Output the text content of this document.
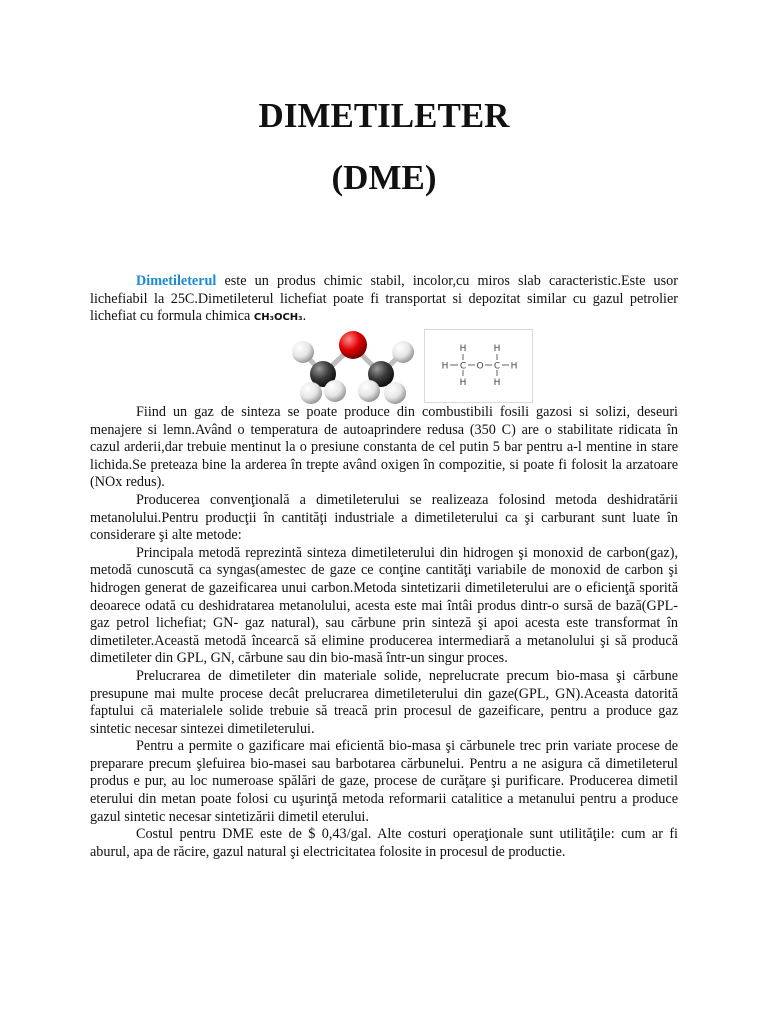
DIMETILETER
(DME)

Dimetileterul este un produs chimic stabil, incolor,cu miros slab caracteristic.Este usor lichefiabil la 25C.Dimetileterul lichefiat poate fi transportat si depozitat similar cu gazul petrolier lichefiat cu formula chimica CH₃OCH₃.

H C O C H
H
H
H
H

Fiind un gaz de sinteza se poate produce din combustibili fosili gazosi si solizi, deseuri menajere si lemn.Având o temperatura de autoaprindere redusa (350 C) are o stabilitate ridicata în cazul arderii,dar trebuie mentinut la o presiune constanta de cel putin 5 bar pentru a-l mentine in stare lichida.Se preteaza bine la arderea în trepte având oxigen în compozitie, si poate fi folosit la arzatoare (NOx redus).

Producerea convenţională a dimetileterului se realizeaza folosind metoda deshidratării metanolului.Pentru producţii în cantităţi industriale a dimetileterului ca şi carburant sunt luate în considerare şi alte metode:

Principala metodă reprezintă sinteza dimetileterului din hidrogen şi monoxid de carbon(gaz), metodă cunoscută ca syngas(amestec de gaze ce conţine cantităţi variabile de monoxid de carbon şi hidrogen generat de gazeificarea unui carbon.Metoda sintetizarii dimetileterului are o eficienţă sporită deoarece odată cu deshidratarea metanolului, acesta este mai întâi produs dintr-o sursă de bază(GPL- gaz petrol lichefiat; GN- gaz natural), sau cărbune prin sinteză şi apoi acesta este transformat în dimetileter.Această metodă încearcă să elimine producerea intermediară a metanolului şi să producă dimetileter din GPL, GN, cărbune sau din bio-masă într-un singur proces.

Prelucrarea de dimetileter din materiale solide, neprelucrate precum bio-masa şi cărbune presupune mai multe procese decât prelucrarea dimetileterului din gaze(GPL, GN).Aceasta datorită faptului că materialele solide trebuie să treacă prin procesul de gazeificare, pentru a produce gaz sintetic necesar sintezei dimetileterului.

Pentru a permite o gazificare mai eficientă bio-masa şi cărbunele trec prin variate procese de preparare precum şlefuirea bio-masei sau barbotarea cărbunelui. Pentru a ne asigura că dimetileterul produs e pur, au loc numeroase spălări de gaze, procese de curăţare şi purificare. Producerea dimetil eterului din metan poate folosi cu uşurinţă metoda reformarii catalitice a metanului pentru a produce gazul sintetic necesar sintetizării dimetil eterului.

Costul pentru DME este de $ 0,43/gal. Alte costuri operaţionale sunt utilităţile: cum ar fi aburul, apa de răcire, gazul natural şi electricitatea folosite in procesul de productie.
